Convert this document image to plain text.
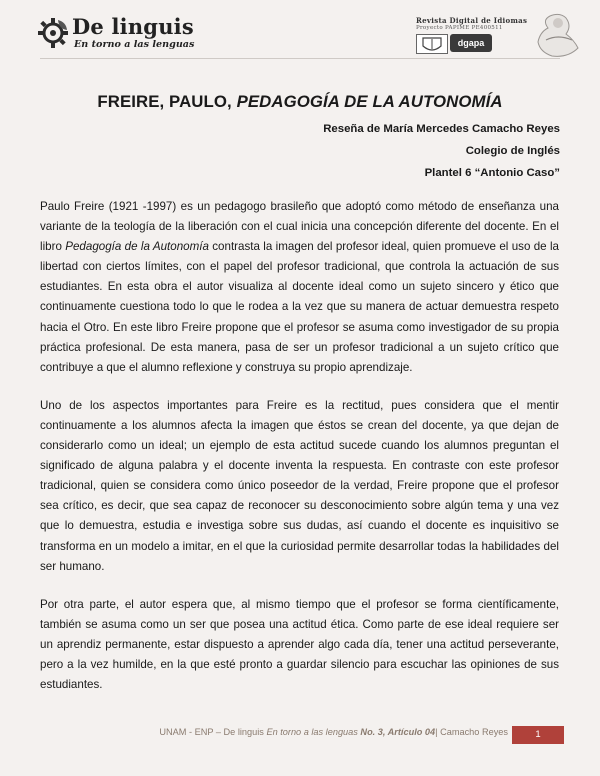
De linguis
En torno a las lenguas
Revista Digital de Idiomas
Proyecto PAPIME PE400511
dgapa
FREIRE, PAULO, PEDAGOGÍA DE LA AUTONOMÍA
Reseña de María Mercedes Camacho Reyes
Colegio de Inglés
Plantel 6 “Antonio Caso”

Paulo Freire (1921 -1997) es un pedagogo brasileño que adoptó como método de enseñanza una variante de la teología de la liberación con el cual inicia una concepción diferente del docente. En el libro Pedagogía de la Autonomía contrasta la imagen del profesor ideal, quien promueve el uso de la libertad con ciertos límites, con el papel del profesor tradicional, que controla la actuación de sus estudiantes. En esta obra el autor visualiza al docente ideal como un sujeto sincero y ético que continuamente cuestiona todo lo que le rodea a la vez que su manera de actuar demuestra respeto hacia el Otro. En este libro Freire propone que el profesor se asuma como investigador de su propia práctica profesional. De esta manera, pasa de ser un profesor tradicional a un sujeto crítico que contribuye a que el alumno reflexione y construya su propio aprendizaje.

Uno de los aspectos importantes para Freire es la rectitud, pues considera que el mentir continuamente a los alumnos afecta la imagen que éstos se crean del docente, ya que dejan de considerarlo como un ideal; un ejemplo de esta actitud sucede cuando los alumnos preguntan el significado de alguna palabra y el docente inventa la respuesta. En contraste con este profesor tradicional, quien se considera como único poseedor de la verdad, Freire propone que el profesor sea crítico, es decir, que sea capaz de reconocer su desconocimiento sobre algún tema y una vez que lo demuestra, estudia e investiga sobre sus dudas, así cuando el docente es inquisitivo se transforma en un modelo a imitar, en el que la curiosidad permite desarrollar todas la habilidades del ser humano.

Por otra parte, el autor espera que, al mismo tiempo que el profesor se forma científicamente, también se asuma como un ser que posea una actitud ética. Como parte de ese ideal requiere ser un aprendiz permanente, estar dispuesto a aprender algo cada día, tener una actitud perseverante, pero a la vez humilde, en la que esté pronto a guardar silencio para escuchar las opiniones de sus estudiantes.

UNAM - ENP – De linguis En torno a las lenguas No. 3, Artículo 04| Camacho Reyes	1
